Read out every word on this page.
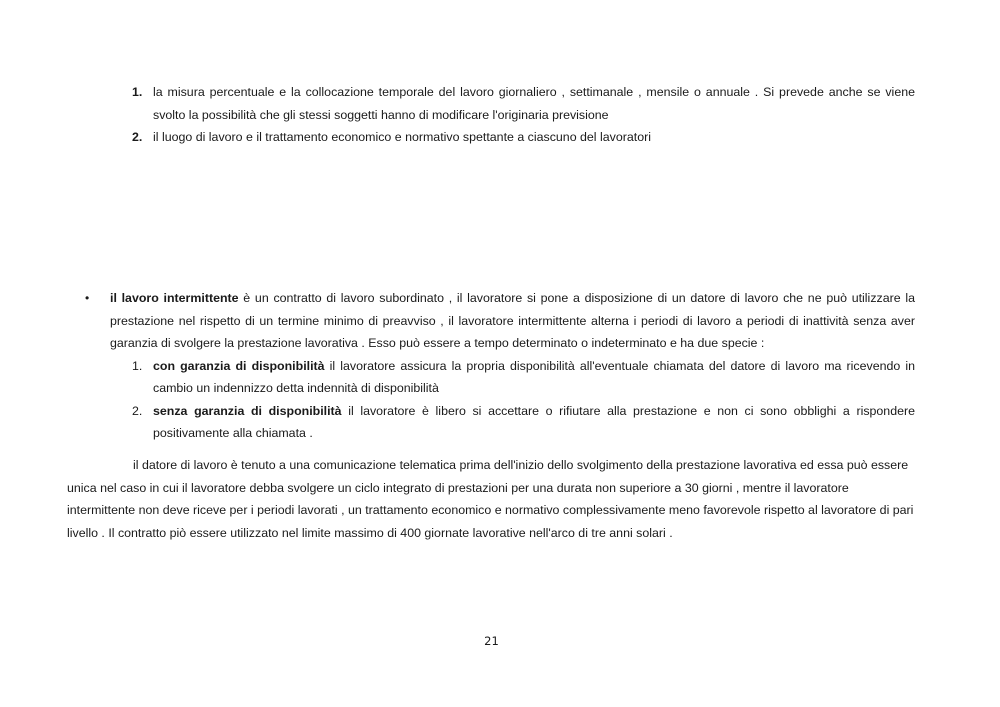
1. la misura percentuale e la collocazione temporale del lavoro giornaliero , settimanale , mensile o annuale . Si prevede anche se viene svolto la possibilità che gli stessi soggetti hanno di modificare l'originaria previsione
2. il luogo di lavoro e il trattamento economico e normativo spettante a ciascuno del lavoratori
• il lavoro intermittente è un contratto di lavoro subordinato , il lavoratore si pone a disposizione di un datore di lavoro che ne può utilizzare la prestazione nel rispetto di un termine minimo di preavviso , il lavoratore intermittente alterna i periodi di lavoro a periodi di inattività senza aver garanzia di svolgere la prestazione lavorativa . Esso può essere a tempo determinato o indeterminato e ha due specie :
1. con garanzia di disponibilità il lavoratore assicura la propria disponibilità all'eventuale chiamata del datore di lavoro ma ricevendo in cambio un indennizzo detta indennità di disponibilità
2. senza garanzia di disponibilità il lavoratore è libero si accettare o rifiutare alla prestazione e non ci sono obblighi a rispondere positivamente alla chiamata .
il datore di lavoro è tenuto a una comunicazione telematica prima dell'inizio dello svolgimento della prestazione lavorativa ed essa può essere unica nel caso in cui il lavoratore debba svolgere un ciclo integrato di prestazioni per una durata non superiore a 30 giorni , mentre il lavoratore intermittente non deve riceve per i periodi lavorati , un trattamento economico e normativo complessivamente meno favorevole rispetto al lavoratore di pari livello . Il contratto piò essere utilizzato nel limite massimo di 400 giornate lavorative nell'arco di tre anni solari .
21
